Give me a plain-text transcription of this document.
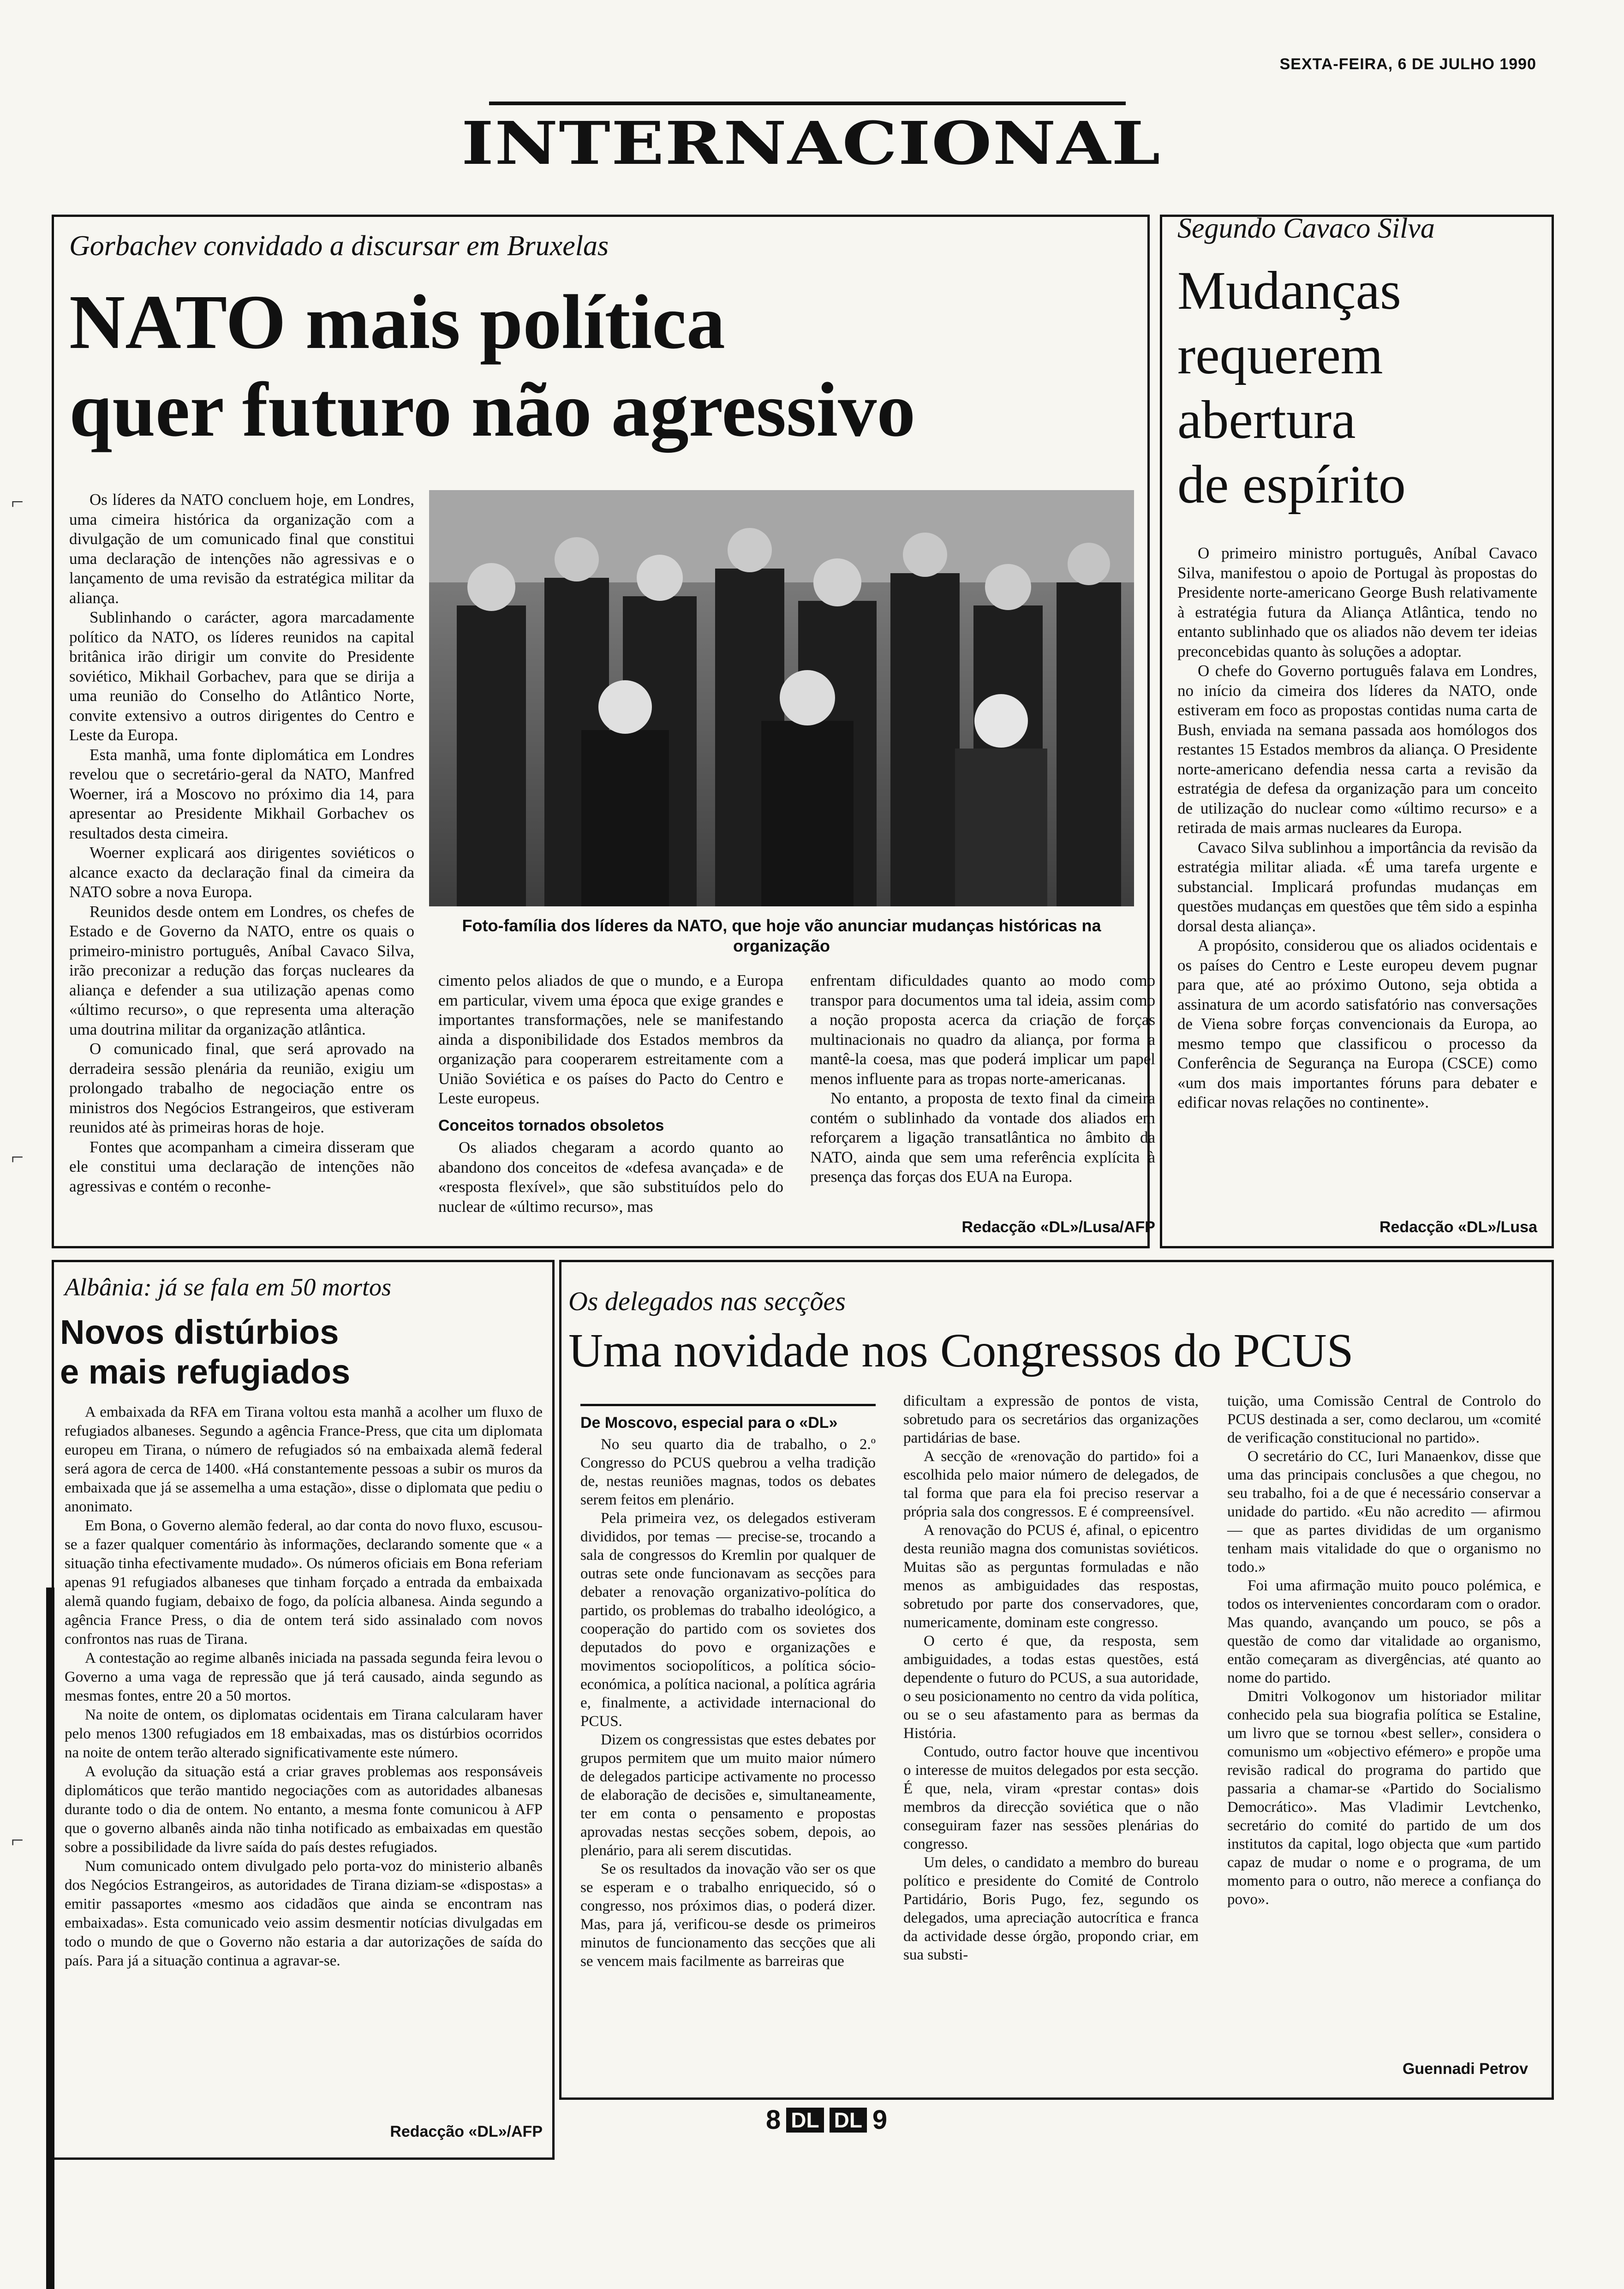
SEXTA-FEIRA, 6 DE JULHO 1990
INTERNACIONAL
⌐
⌐
⌐
Gorbachev convidado a discursar em Bruxelas
NATO mais política
quer futuro não agressivo

Os líderes da NATO concluem hoje, em Londres, uma cimeira histórica da organização com a divulgação de um comunicado final que constitui uma declaração de intenções não agressivas e o lançamento de uma revisão da estratégica militar da aliança.

Sublinhando o carácter, agora marcadamente político da NATO, os líderes reunidos na capital britânica irão dirigir um convite do Presidente soviético, Mikhail Gorbachev, para que se dirija a uma reunião do Conselho do Atlântico Norte, convite extensivo a outros dirigentes do Centro e Leste da Europa.

Esta manhã, uma fonte diplomática em Londres revelou que o secretário-geral da NATO, Manfred Woerner, irá a Moscovo no próximo dia 14, para apresentar ao Presidente Mikhail Gorbachev os resultados desta cimeira.

Woerner explicará aos dirigentes soviéticos o alcance exacto da declaração final da cimeira da NATO sobre a nova Europa.

Reunidos desde ontem em Londres, os chefes de Estado e de Governo da NATO, entre os quais o primeiro-ministro português, Aníbal Cavaco Silva, irão preconizar a redução das forças nucleares da aliança e defender a sua utilização apenas como «último recurso», o que representa uma alteração uma doutrina militar da organização atlântica.

O comunicado final, que será aprovado na derradeira sessão plenária da reunião, exigiu um prolongado trabalho de negociação entre os ministros dos Negócios Estrangeiros, que estiveram reunidos até às primeiras horas de hoje.

Fontes que acompanham a cimeira disseram que ele constitui uma declaração de intenções não agressivas e contém o reconhe-

Foto-família dos líderes da NATO, que hoje vão anunciar mudanças históricas na organização

cimento pelos aliados de que o mundo, e a Europa em particular, vivem uma época que exige grandes e importantes transformações, nele se manifestando ainda a disponibilidade dos Estados membros da organização para cooperarem estreitamente com a União Soviética e os países do Pacto do Centro e Leste europeus.

Conceitos tornados obsoletos

Os aliados chegaram a acordo quanto ao abandono dos conceitos de «defesa avançada» e de «resposta flexível», que são substituídos pelo do nuclear de «último recurso», mas

enfrentam dificuldades quanto ao modo como transpor para documentos uma tal ideia, assim como a noção proposta acerca da criação de forças multinacionais no quadro da aliança, por forma a mantê-la coesa, mas que poderá implicar um papel menos influente para as tropas norte-americanas.

No entanto, a proposta de texto final da cimeira contém o sublinhado da vontade dos aliados em reforçarem a ligação transatlântica no âmbito da NATO, ainda que sem uma referência explícita à presença das forças dos EUA na Europa.

Redacção «DL»/Lusa/AFP
Segundo Cavaco Silva
Mudanças
requerem
abertura
de espírito

O primeiro ministro português, Aníbal Cavaco Silva, manifestou o apoio de Portugal às propostas do Presidente norte-americano George Bush relativamente à estratégia futura da Aliança Atlântica, tendo no entanto sublinhado que os aliados não devem ter ideias preconcebidas quanto às soluções a adoptar.

O chefe do Governo português falava em Londres, no início da cimeira dos líderes da NATO, onde estiveram em foco as propostas contidas numa carta de Bush, enviada na semana passada aos homólogos dos restantes 15 Estados membros da aliança. O Presidente norte-americano defendia nessa carta a revisão da estratégia de defesa da organização para um conceito de utilização do nuclear como «último recurso» e a retirada de mais armas nucleares da Europa.

Cavaco Silva sublinhou a importância da revisão da estratégia militar aliada. «É uma tarefa urgente e substancial. Implicará profundas mudanças em questões mudanças em questões que têm sido a espinha dorsal desta aliança».

A propósito, considerou que os aliados ocidentais e os países do Centro e Leste europeu devem pugnar para que, até ao próximo Outono, seja obtida a assinatura de um acordo satisfatório nas conversações de Viena sobre forças convencionais da Europa, ao mesmo tempo que classificou o processo da Conferência de Segurança na Europa (CSCE) como «um dos mais importantes fóruns para debater e edificar novas relações no continente».

Redacção «DL»/Lusa
Albânia: já se fala em 50 mortos
Novos distúrbios
e mais refugiados

A embaixada da RFA em Tirana voltou esta manhã a acolher um fluxo de refugiados albaneses. Segundo a agência France-Press, que cita um diplomata europeu em Tirana, o número de refugiados só na embaixada alemã federal será agora de cerca de 1400. «Há constantemente pessoas a subir os muros da embaixada que já se assemelha a uma estação», disse o diplomata que pediu o anonimato.

Em Bona, o Governo alemão federal, ao dar conta do novo fluxo, escusou-se a fazer qualquer comentário às informações, declarando somente que « a situação tinha efectivamente mudado». Os números oficiais em Bona referiam apenas 91 refugiados albaneses que tinham forçado a entrada da embaixada alemã quando fugiam, debaixo de fogo, da polícia albanesa. Ainda segundo a agência France Press, o dia de ontem terá sido assinalado com novos confrontos nas ruas de Tirana.

A contestação ao regime albanês iniciada na passada segunda feira levou o Governo a uma vaga de repressão que já terá causado, ainda segundo as mesmas fontes, entre 20 a 50 mortos.

Na noite de ontem, os diplomatas ocidentais em Tirana calcularam haver pelo menos 1300 refugiados em 18 embaixadas, mas os distúrbios ocorridos na noite de ontem terão alterado significativamente este número.

A evolução da situação está a criar graves problemas aos responsáveis diplomáticos que terão mantido negociações com as autoridades albanesas durante todo o dia de ontem. No entanto, a mesma fonte comunicou à AFP que o governo albanês ainda não tinha notificado as embaixadas em questão sobre a possibilidade da livre saída do país destes refugiados.

Num comunicado ontem divulgado pelo porta-voz do ministerio albanês dos Negócios Estrangeiros, as autoridades de Tirana diziam-se «dispostas» a emitir passaportes «mesmo aos cidadãos que ainda se encontram nas embaixadas». Esta comunicado veio assim desmentir notícias divulgadas em todo o mundo de que o Governo não estaria a dar autorizações de saída do país. Para já a situação continua a agravar-se.

Redacção «DL»/AFP
Os delegados nas secções
Uma novidade nos Congressos do PCUS
De Moscovo, especial para o «DL»

No seu quarto dia de trabalho, o 2.º Congresso do PCUS quebrou a velha tradição de, nestas reuniões magnas, todos os debates serem feitos em plenário.

Pela primeira vez, os delegados estiveram divididos, por temas — precise-se, trocando a sala de congressos do Kremlin por qualquer de outras sete onde funcionavam as secções para debater a renovação organizativo-política do partido, os problemas do trabalho ideológico, a cooperação do partido com os sovietes dos deputados do povo e organizações e movimentos sociopolíticos, a política sócio-económica, a política nacional, a política agrária e, finalmente, a actividade internacional do PCUS.

Dizem os congressistas que estes debates por grupos permitem que um muito maior número de delegados participe activamente no processo de elaboração de decisões e, simultaneamente, ter em conta o pensamento e propostas aprovadas nestas secções sobem, depois, ao plenário, para ali serem discutidas.

Se os resultados da inovação vão ser os que se esperam e o trabalho enriquecido, só o congresso, nos próximos dias, o poderá dizer. Mas, para já, verificou-se desde os primeiros minutos de funcionamento das secções que ali se vencem mais facilmente as barreiras que

dificultam a expressão de pontos de vista, sobretudo para os secretários das organizações partidárias de base.

A secção de «renovação do partido» foi a escolhida pelo maior número de delegados, de tal forma que para ela foi preciso reservar a própria sala dos congressos. E é compreensível.

A renovação do PCUS é, afinal, o epicentro desta reunião magna dos comunistas soviéticos. Muitas são as perguntas formuladas e não menos as ambiguidades das respostas, sobretudo por parte dos conservadores, que, numericamente, dominam este congresso.

O certo é que, da resposta, sem ambiguidades, a todas estas questões, está dependente o futuro do PCUS, a sua autoridade, o seu posicionamento no centro da vida política, ou se o seu afastamento para as bermas da História.

Contudo, outro factor houve que incentivou o interesse de muitos delegados por esta secção. É que, nela, viram «prestar contas» dois membros da direcção soviética que o não conseguiram fazer nas sessões plenárias do congresso.

Um deles, o candidato a membro do bureau político e presidente do Comité de Controlo Partidário, Boris Pugo, fez, segundo os delegados, uma apreciação autocrítica e franca da actividade desse órgão, propondo criar, em sua substi-

tuição, uma Comissão Central de Controlo do PCUS destinada a ser, como declarou, um «comité de verificação constitucional no partido».

O secretário do CC, Iuri Manaenkov, disse que uma das principais conclusões a que chegou, no seu trabalho, foi a de que é necessário conservar a unidade do partido. «Eu não acredito — afirmou — que as partes divididas de um organismo tenham mais vitalidade do que o organismo no todo.»

Foi uma afirmação muito pouco polémica, e todos os intervenientes concordaram com o orador. Mas quando, avançando um pouco, se pôs a questão de como dar vitalidade ao organismo, então começaram as divergências, até quanto ao nome do partido.

Dmitri Volkogonov um historiador militar conhecido pela sua biografia política se Estaline, um livro que se tornou «best seller», considera o comunismo um «objectivo efémero» e propõe uma revisão radical do programa do partido que passaria a chamar-se «Partido do Socialismo Democrático». Mas Vladimir Levtchenko, secretário do comité do partido de um dos institutos da capital, logo objecta que «um partido capaz de mudar o nome e o programa, de um momento para o outro, não merece a confiança do povo».

Guennadi Petrov
8 DL DL 9
